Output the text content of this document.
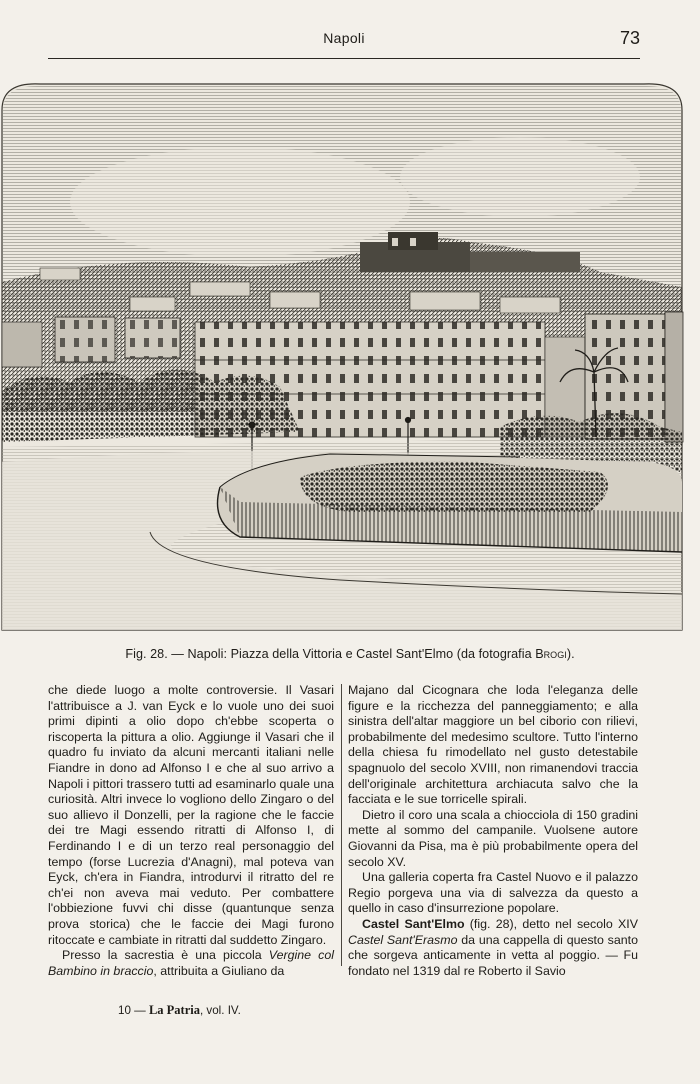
Napoli	73
Fig. 28. — Napoli: Piazza della Vittoria e Castel Sant'Elmo (da fotografia Brogi).

che diede luogo a molte controversie. Il Vasari l'attribuisce a J. van Eyck e lo vuole uno dei suoi primi dipinti a olio dopo ch'ebbe scoperta o riscoperta la pittura a olio. Aggiunge il Vasari che il quadro fu inviato da alcuni mercanti italiani nelle Fiandre in dono ad Alfonso I e che al suo arrivo a Napoli i pittori trassero tutti ad esaminarlo quale una curiosità. Altri invece lo vogliono dello Zingaro o del suo allievo il Donzelli, per la ragione che le faccie dei tre Magi essendo ritratti di Alfonso I, di Ferdinando I e di un terzo real personaggio del tempo (forse Lucrezia d'Anagni), mal poteva van Eyck, ch'era in Fiandra, introdurvi il ritratto del re ch'ei non aveva mai veduto. Per combattere l'obbiezione fuvvi chi disse (quantunque senza prova storica) che le faccie dei Magi furono ritoccate e cambiate in ritratti dal suddetto Zingaro.

Presso la sacrestia è una piccola Vergine col Bambino in braccio, attribuita a Giuliano da

Majano dal Cicognara che loda l'eleganza delle figure e la ricchezza del panneggiamento; e alla sinistra dell'altar maggiore un bel ciborio con rilievi, probabilmente del medesimo scultore. Tutto l'interno della chiesa fu rimodellato nel gusto detestabile spagnuolo del secolo XVIII, non rimanendovi traccia dell'originale architettura archiacuta salvo che la facciata e le sue torricelle spirali.

Dietro il coro una scala a chiocciola di 150 gradini mette al sommo del campanile. Vuolsene autore Giovanni da Pisa, ma è più probabilmente opera del secolo XV.

Una galleria coperta fra Castel Nuovo e il palazzo Regio porgeva una via di salvezza da questo a quello in caso d'insurrezione popolare.

Castel Sant'Elmo (fig. 28), detto nel secolo XIV Castel Sant'Erasmo da una cappella di questo santo che sorgeva anticamente in vetta al poggio. — Fu fondato nel 1319 dal re Roberto il Savio

10 — La Patria, vol. IV.
